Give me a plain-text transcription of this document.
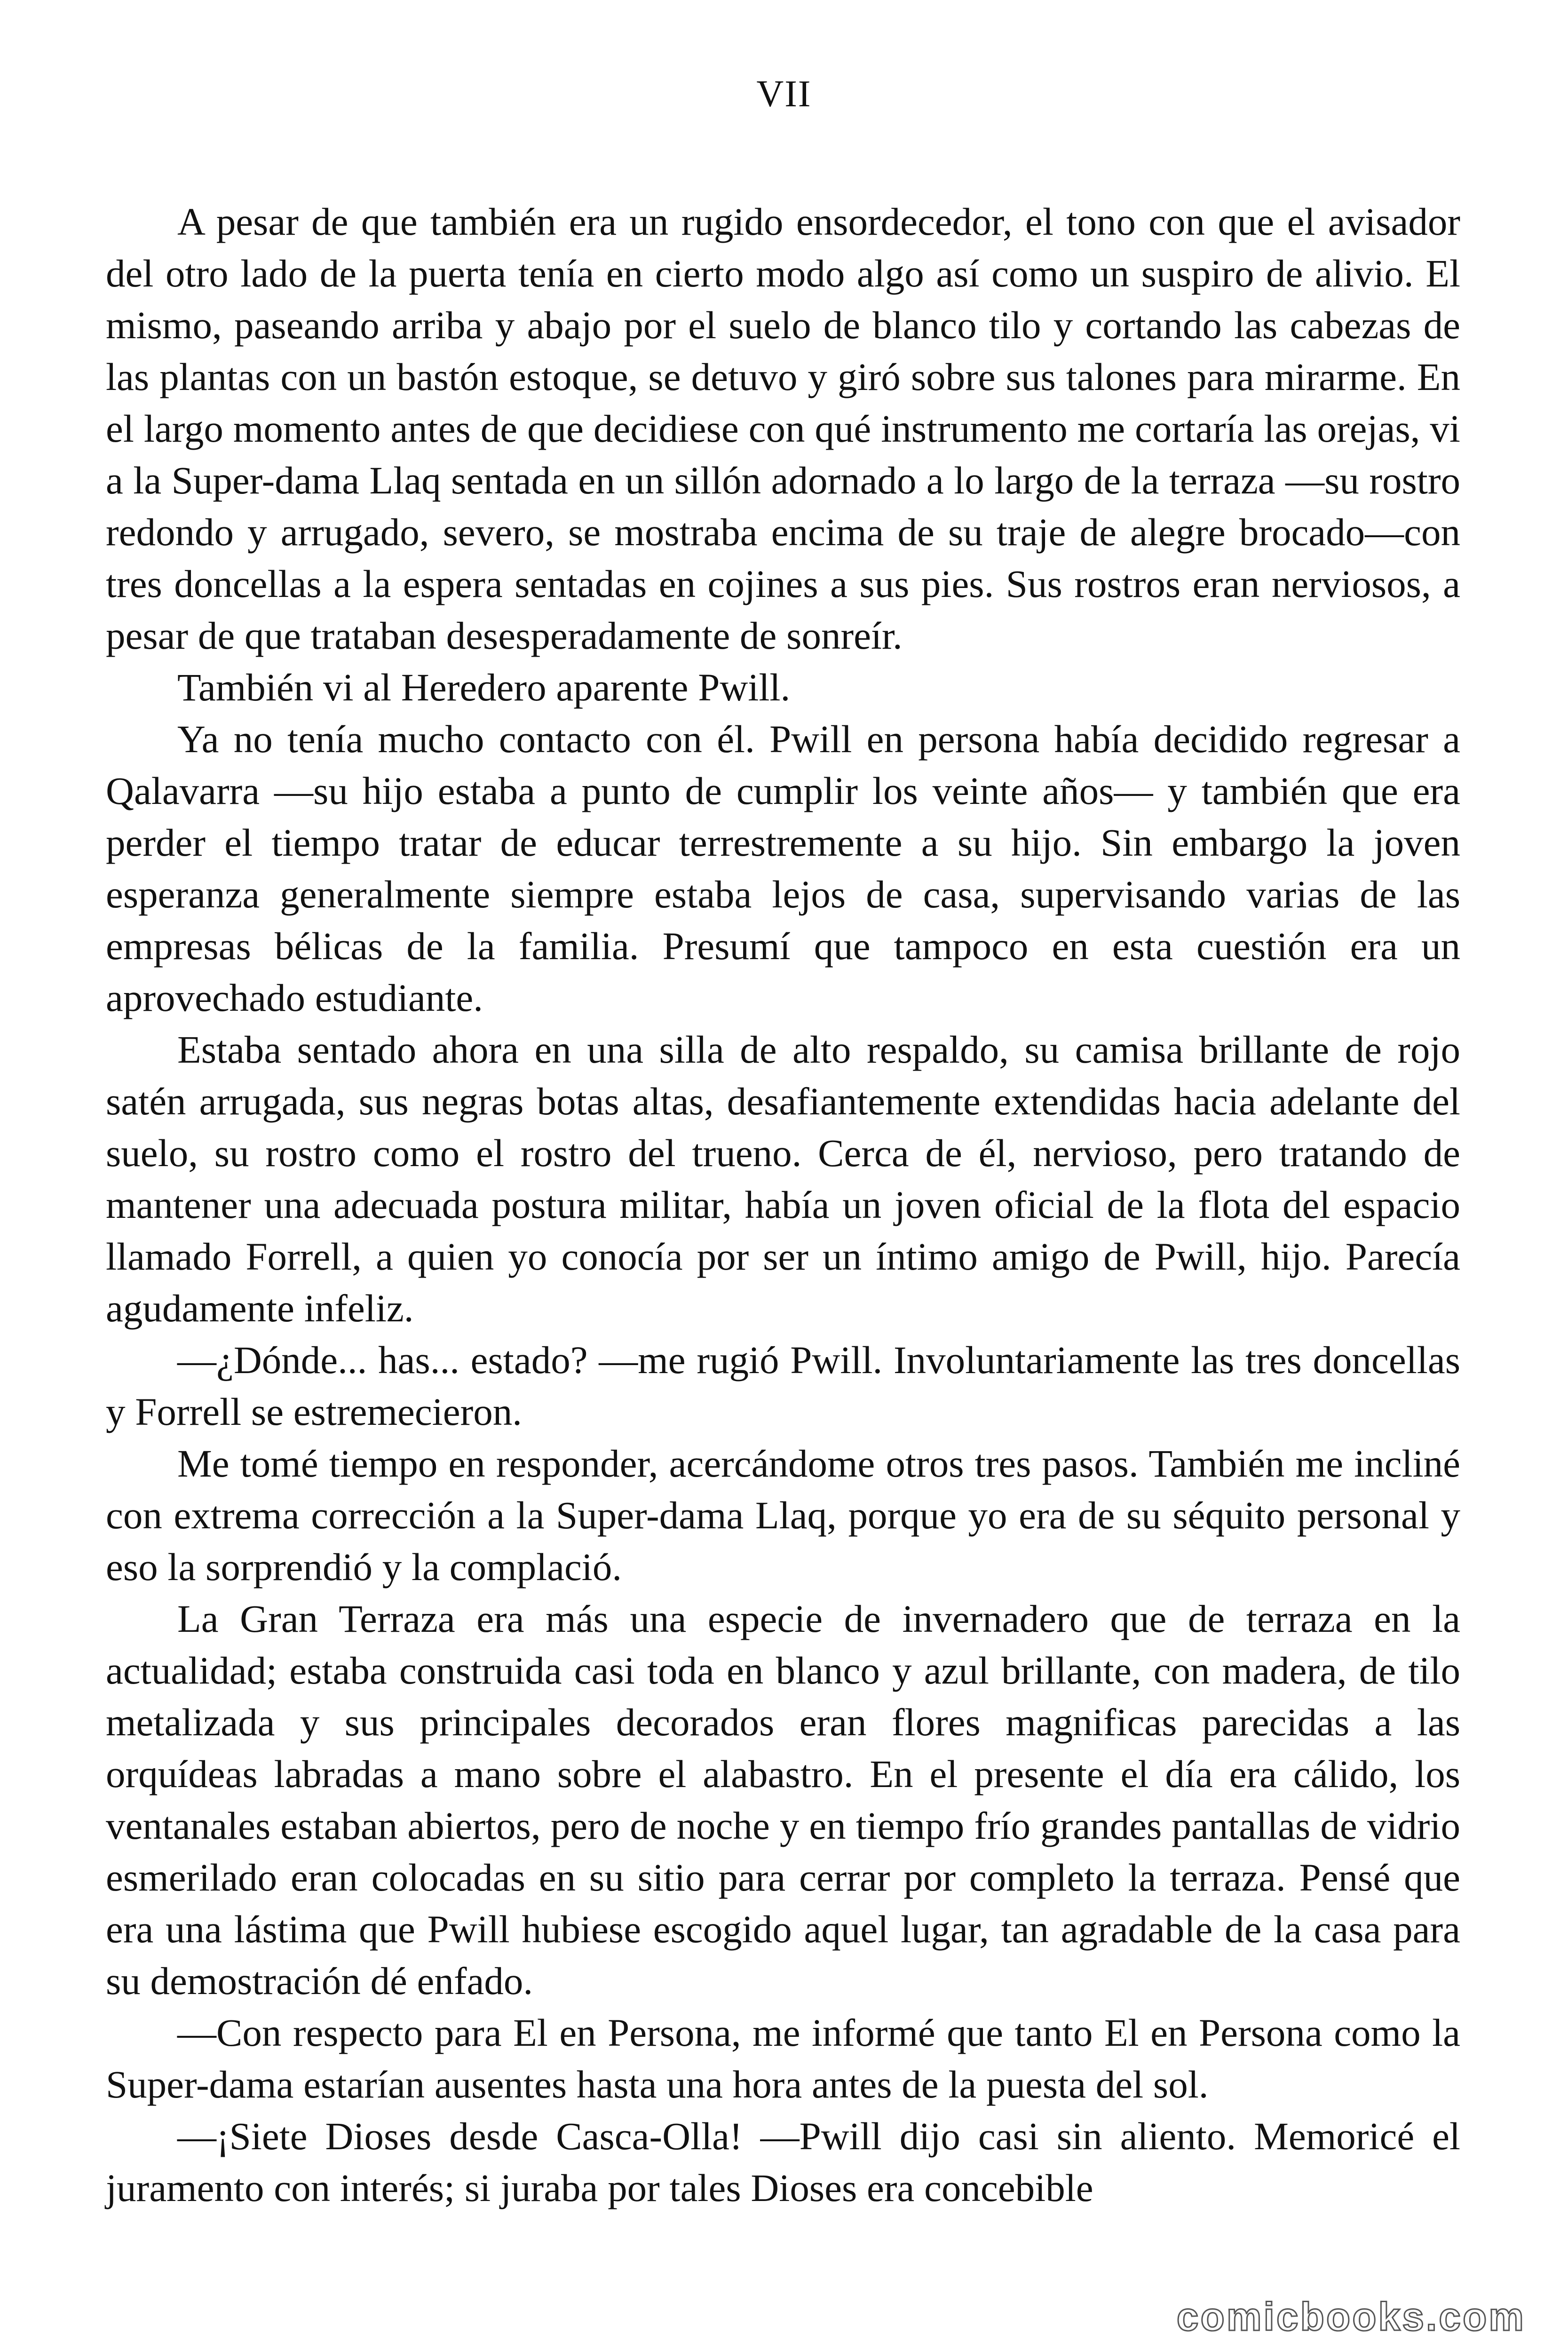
VII

A pesar de que también era un rugido ensordecedor, el tono con que el avisador del otro lado de la puerta tenía en cierto modo algo así como un suspiro de alivio. El mismo, paseando arriba y abajo por el suelo de blanco tilo y cortando las cabezas de las plantas con un bastón estoque, se detuvo y giró sobre sus talones para mirarme. En el largo momento antes de que decidiese con qué instrumento me cortaría las orejas, vi a la Super-dama Llaq sentada en un sillón adornado a lo largo de la terraza —su rostro redondo y arrugado, severo, se mostraba encima de su traje de alegre brocado—con tres doncellas a la espera sentadas en cojines a sus pies. Sus rostros eran nerviosos, a pesar de que trataban desesperadamente de sonreír.

También vi al Heredero aparente Pwill.

Ya no tenía mucho contacto con él. Pwill en persona había decidido regresar a Qalavarra —su hijo estaba a punto de cumplir los veinte años— y también que era perder el tiempo tratar de educar terrestremente a su hijo. Sin embargo la joven esperanza generalmente siempre estaba lejos de casa, supervisando varias de las empresas bélicas de la familia. Presumí que tampoco en esta cuestión era un aprovechado estudiante.

Estaba sentado ahora en una silla de alto respaldo, su camisa brillante de rojo satén arrugada, sus negras botas altas, desafiantemente extendidas hacia adelante del suelo, su rostro como el rostro del trueno. Cerca de él, nervioso, pero tratando de mantener una adecuada postura militar, había un joven oficial de la flota del espacio llamado Forrell, a quien yo conocía por ser un íntimo amigo de Pwill, hijo. Parecía agudamente infeliz.

—¿Dónde... has... estado? —me rugió Pwill. Involuntariamente las tres doncellas y Forrell se estremecieron.

Me tomé tiempo en responder, acercándome otros tres pasos. También me incliné con extrema corrección a la Super-dama Llaq, porque yo era de su séquito personal y eso la sorprendió y la complació.

La Gran Terraza era más una especie de invernadero que de terraza en la actualidad; estaba construida casi toda en blanco y azul brillante, con madera, de tilo metalizada y sus principales decorados eran flores magnificas parecidas a las orquídeas labradas a mano sobre el alabastro. En el presente el día era cálido, los ventanales estaban abiertos, pero de noche y en tiempo frío grandes pantallas de vidrio esmerilado eran colocadas en su sitio para cerrar por completo la terraza. Pensé que era una lástima que Pwill hubiese escogido aquel lugar, tan agradable de la casa para su demostración dé enfado.

—Con respecto para El en Persona, me informé que tanto El en Persona como la Super-dama estarían ausentes hasta una hora antes de la puesta del sol.

—¡Siete Dioses desde Casca-Olla! —Pwill dijo casi sin aliento. Memoricé el juramento con interés; si juraba por tales Dioses era concebible

comicbooks.com
